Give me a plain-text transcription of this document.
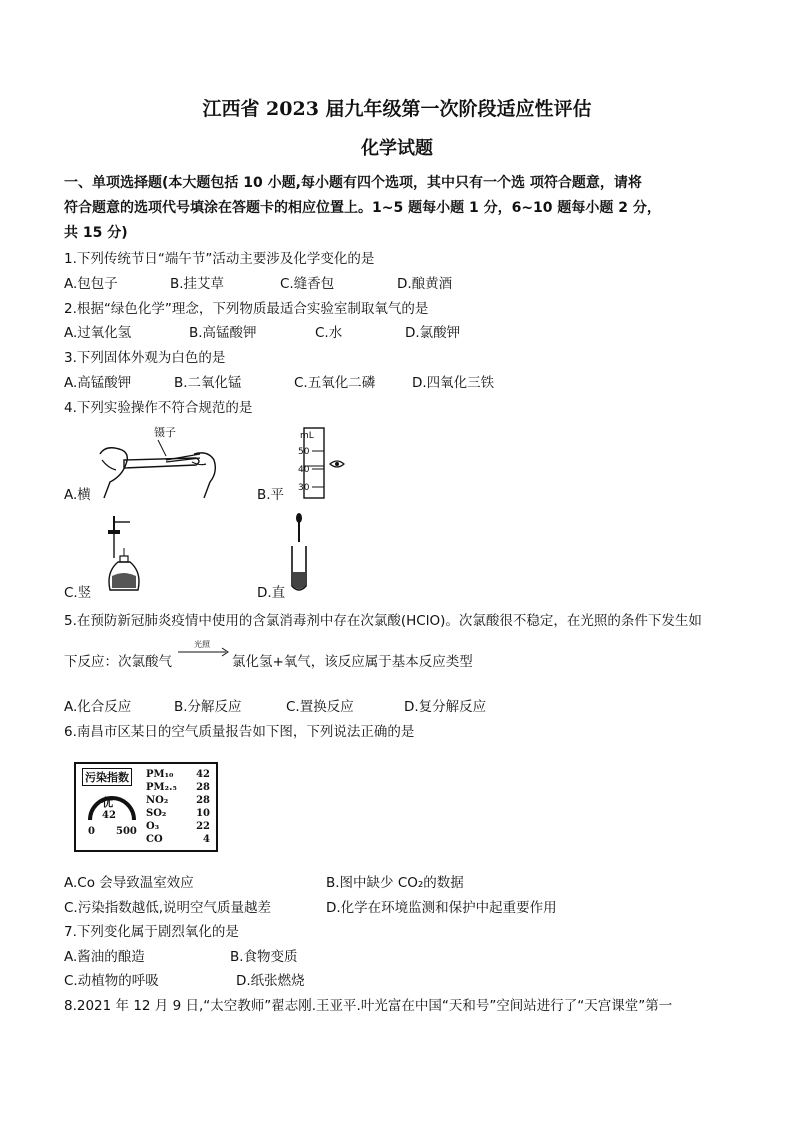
江西省 2023 届九年级第一次阶段适应性评估
化学试题
一、单项选择题(本大题包括 10 小题,每小题有四个选项，其中只有一个选 项符合题意，请将
符合题意的选项代号填涂在答题卡的相应位置上。1~5 题每小题 1 分，6~10 题每小题 2 分，
共 15 分)
1.下列传统节日“端午节”活动主要涉及化学变化的是
A.包包子	B.挂艾草	C.缝香包	D.酿黄酒
2.根据“绿色化学”理念，下列物质最适合实验室制取氧气的是
A.过氧化氢	B.高锰酸钾	C.水	D.氯酸钾
3.下列固体外观为白色的是
A.高锰酸钾	B.二氧化锰	C.五氧化二磷	D.四氧化三铁
4.下列实验操作不符合规范的是
镊子
A.横
mL
50
40
30
B.平
C.竖	D.直
5.在预防新冠肺炎疫情中使用的含氯消毒剂中存在次氯酸(HClO)。次氯酸很不稳定，在光照的条件下发生如
下反应：次氯酸气
光照
氯化氢+氧气，该反应属于基本反应类型
A.化合反应	B.分解反应	C.置换反应	D.复分解反应
6.南昌市区某日的空气质量报告如下图，下列说法正确的是
污染指数
优
42
0 500
PM₁₀ 42
PM₂.₅ 28
NO₂	28
SO₂	10
O₃	22
CO	4
A.Co 会导致温室效应	B.图中缺少 CO₂的数据
C.污染指数越低,说明空气质量越差	D.化学在环境监测和保护中起重要作用
7.下列变化属于剧烈氧化的是
A.酱油的酿造	B.食物变质
C.动植物的呼吸	D.纸张燃烧
8.2021 年 12 月 9 日,“太空教师”翟志刚.王亚平.叶光富在中国“天和号”空间站进行了“天宫课堂”第一
